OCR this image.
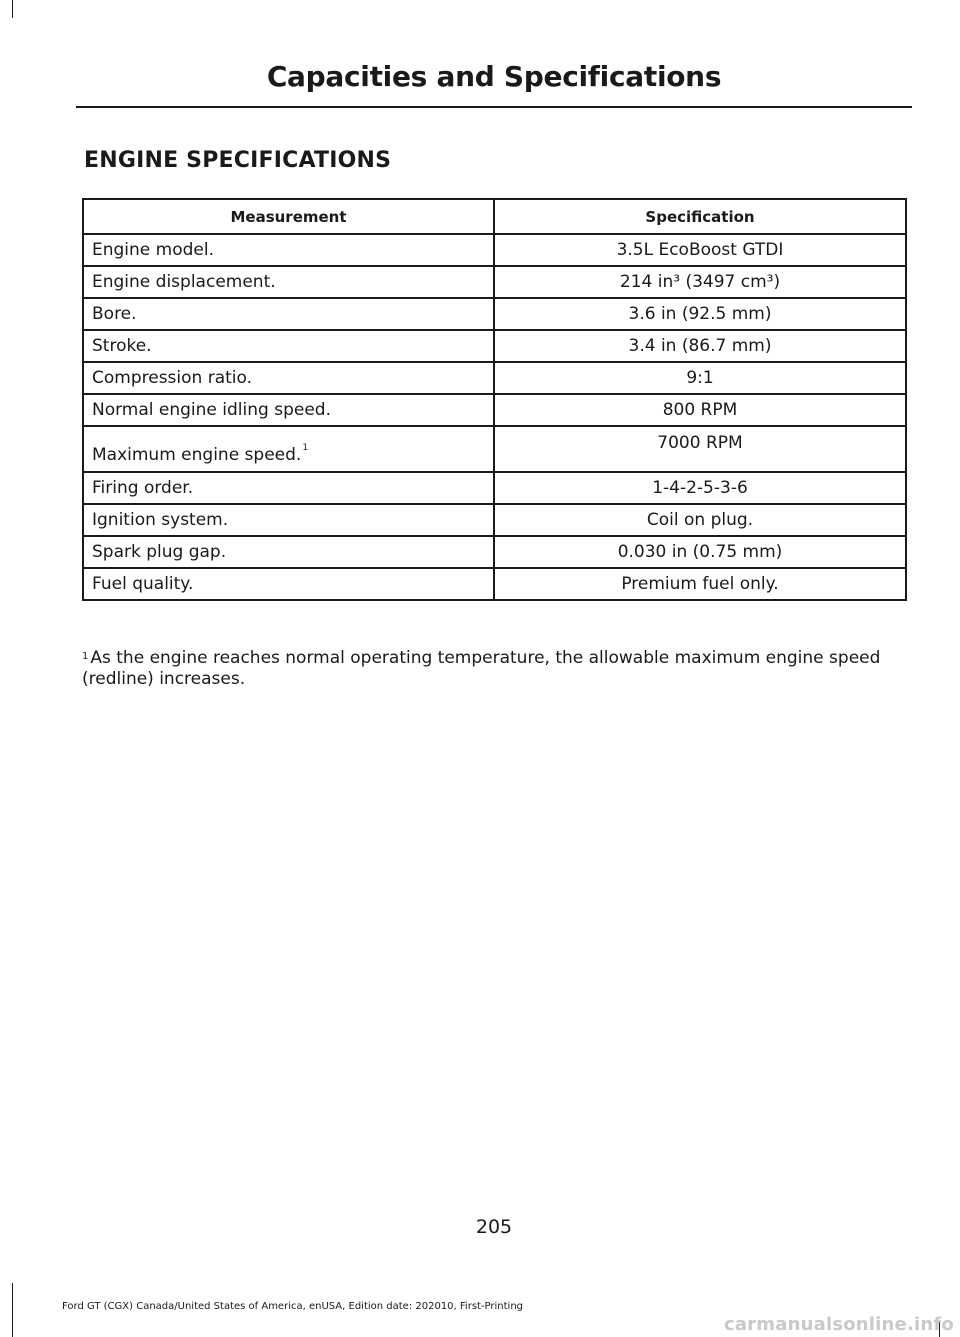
Capacities and Specifications
ENGINE SPECIFICATIONS
Measurement	Specification
Engine model.	3.5L EcoBoost GTDI
Engine displacement.	214 in³ (3497 cm³)
Bore.	3.6 in (92.5 mm)
Stroke.	3.4 in (86.7 mm)
Compression ratio.	9:1
Normal engine idling speed.	800 RPM
Maximum engine speed.$^1$	7000 RPM
Firing order.	1-4-2-5-3-6
Ignition system.	Coil on plug.
Spark plug gap.	0.030 in (0.75 mm)
Fuel quality.	Premium fuel only.
$^1$ As the engine reaches normal operating temperature, the allowable maximum engine speed (redline) increases.
205
Ford GT (CGX) Canada/United States of America, enUSA, Edition date: 202010, First-Printing
carmanualsonline.info
